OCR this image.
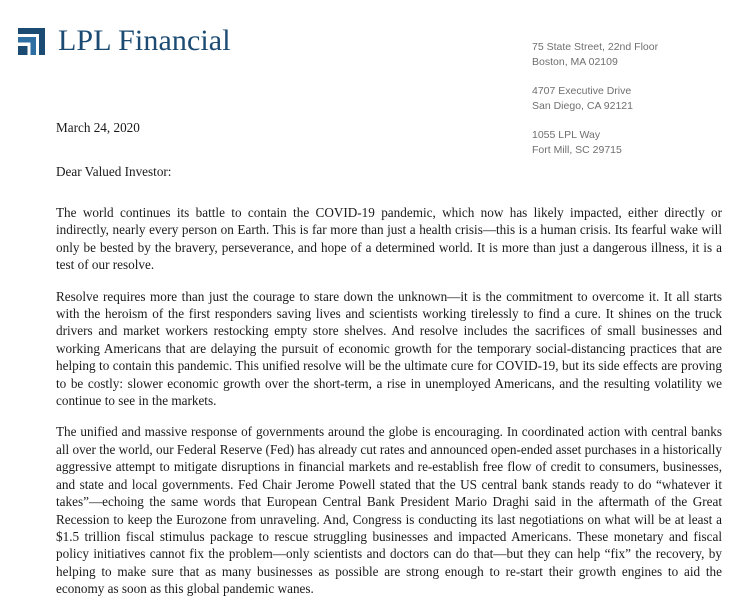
LPL Financial	75 State Street, 22nd Floor
Boston, MA 02109
4707 Executive Drive
San Diego, CA 92121
1055 LPL Way
Fort Mill, SC 29715

March 24, 2020

Dear Valued Investor:

The world continues its battle to contain the COVID-19 pandemic, which now has likely impacted, either directly or indirectly, nearly every person on Earth. This is far more than just a health crisis—this is a human crisis. Its fearful wake will only be bested by the bravery, perseverance, and hope of a determined world. It is more than just a dangerous illness, it is a test of our resolve.

Resolve requires more than just the courage to stare down the unknown—it is the commitment to overcome it. It all starts with the heroism of the first responders saving lives and scientists working tirelessly to find a cure. It shines on the truck drivers and market workers restocking empty store shelves. And resolve includes the sacrifices of small businesses and working Americans that are delaying the pursuit of economic growth for the temporary social-distancing practices that are helping to contain this pandemic. This unified resolve will be the ultimate cure for COVID-19, but its side effects are proving to be costly: slower economic growth over the short-term, a rise in unemployed Americans, and the resulting volatility we continue to see in the markets.

The unified and massive response of governments around the globe is encouraging. In coordinated action with central banks all over the world, our Federal Reserve (Fed) has already cut rates and announced open-ended asset purchases in a historically aggressive attempt to mitigate disruptions in financial markets and re-establish free flow of credit to consumers, businesses, and state and local governments. Fed Chair Jerome Powell stated that the US central bank stands ready to do “whatever it takes”—echoing the same words that European Central Bank President Mario Draghi said in the aftermath of the Great Recession to keep the Eurozone from unraveling. And, Congress is conducting its last negotiations on what will be at least a $1.5 trillion fiscal stimulus package to rescue struggling businesses and impacted Americans. These monetary and fiscal policy initiatives cannot fix the problem—only scientists and doctors can do that—but they can help “fix” the recovery, by helping to make sure that as many businesses as possible are strong enough to re-start their growth engines to aid the economy as soon as this global pandemic wanes.
